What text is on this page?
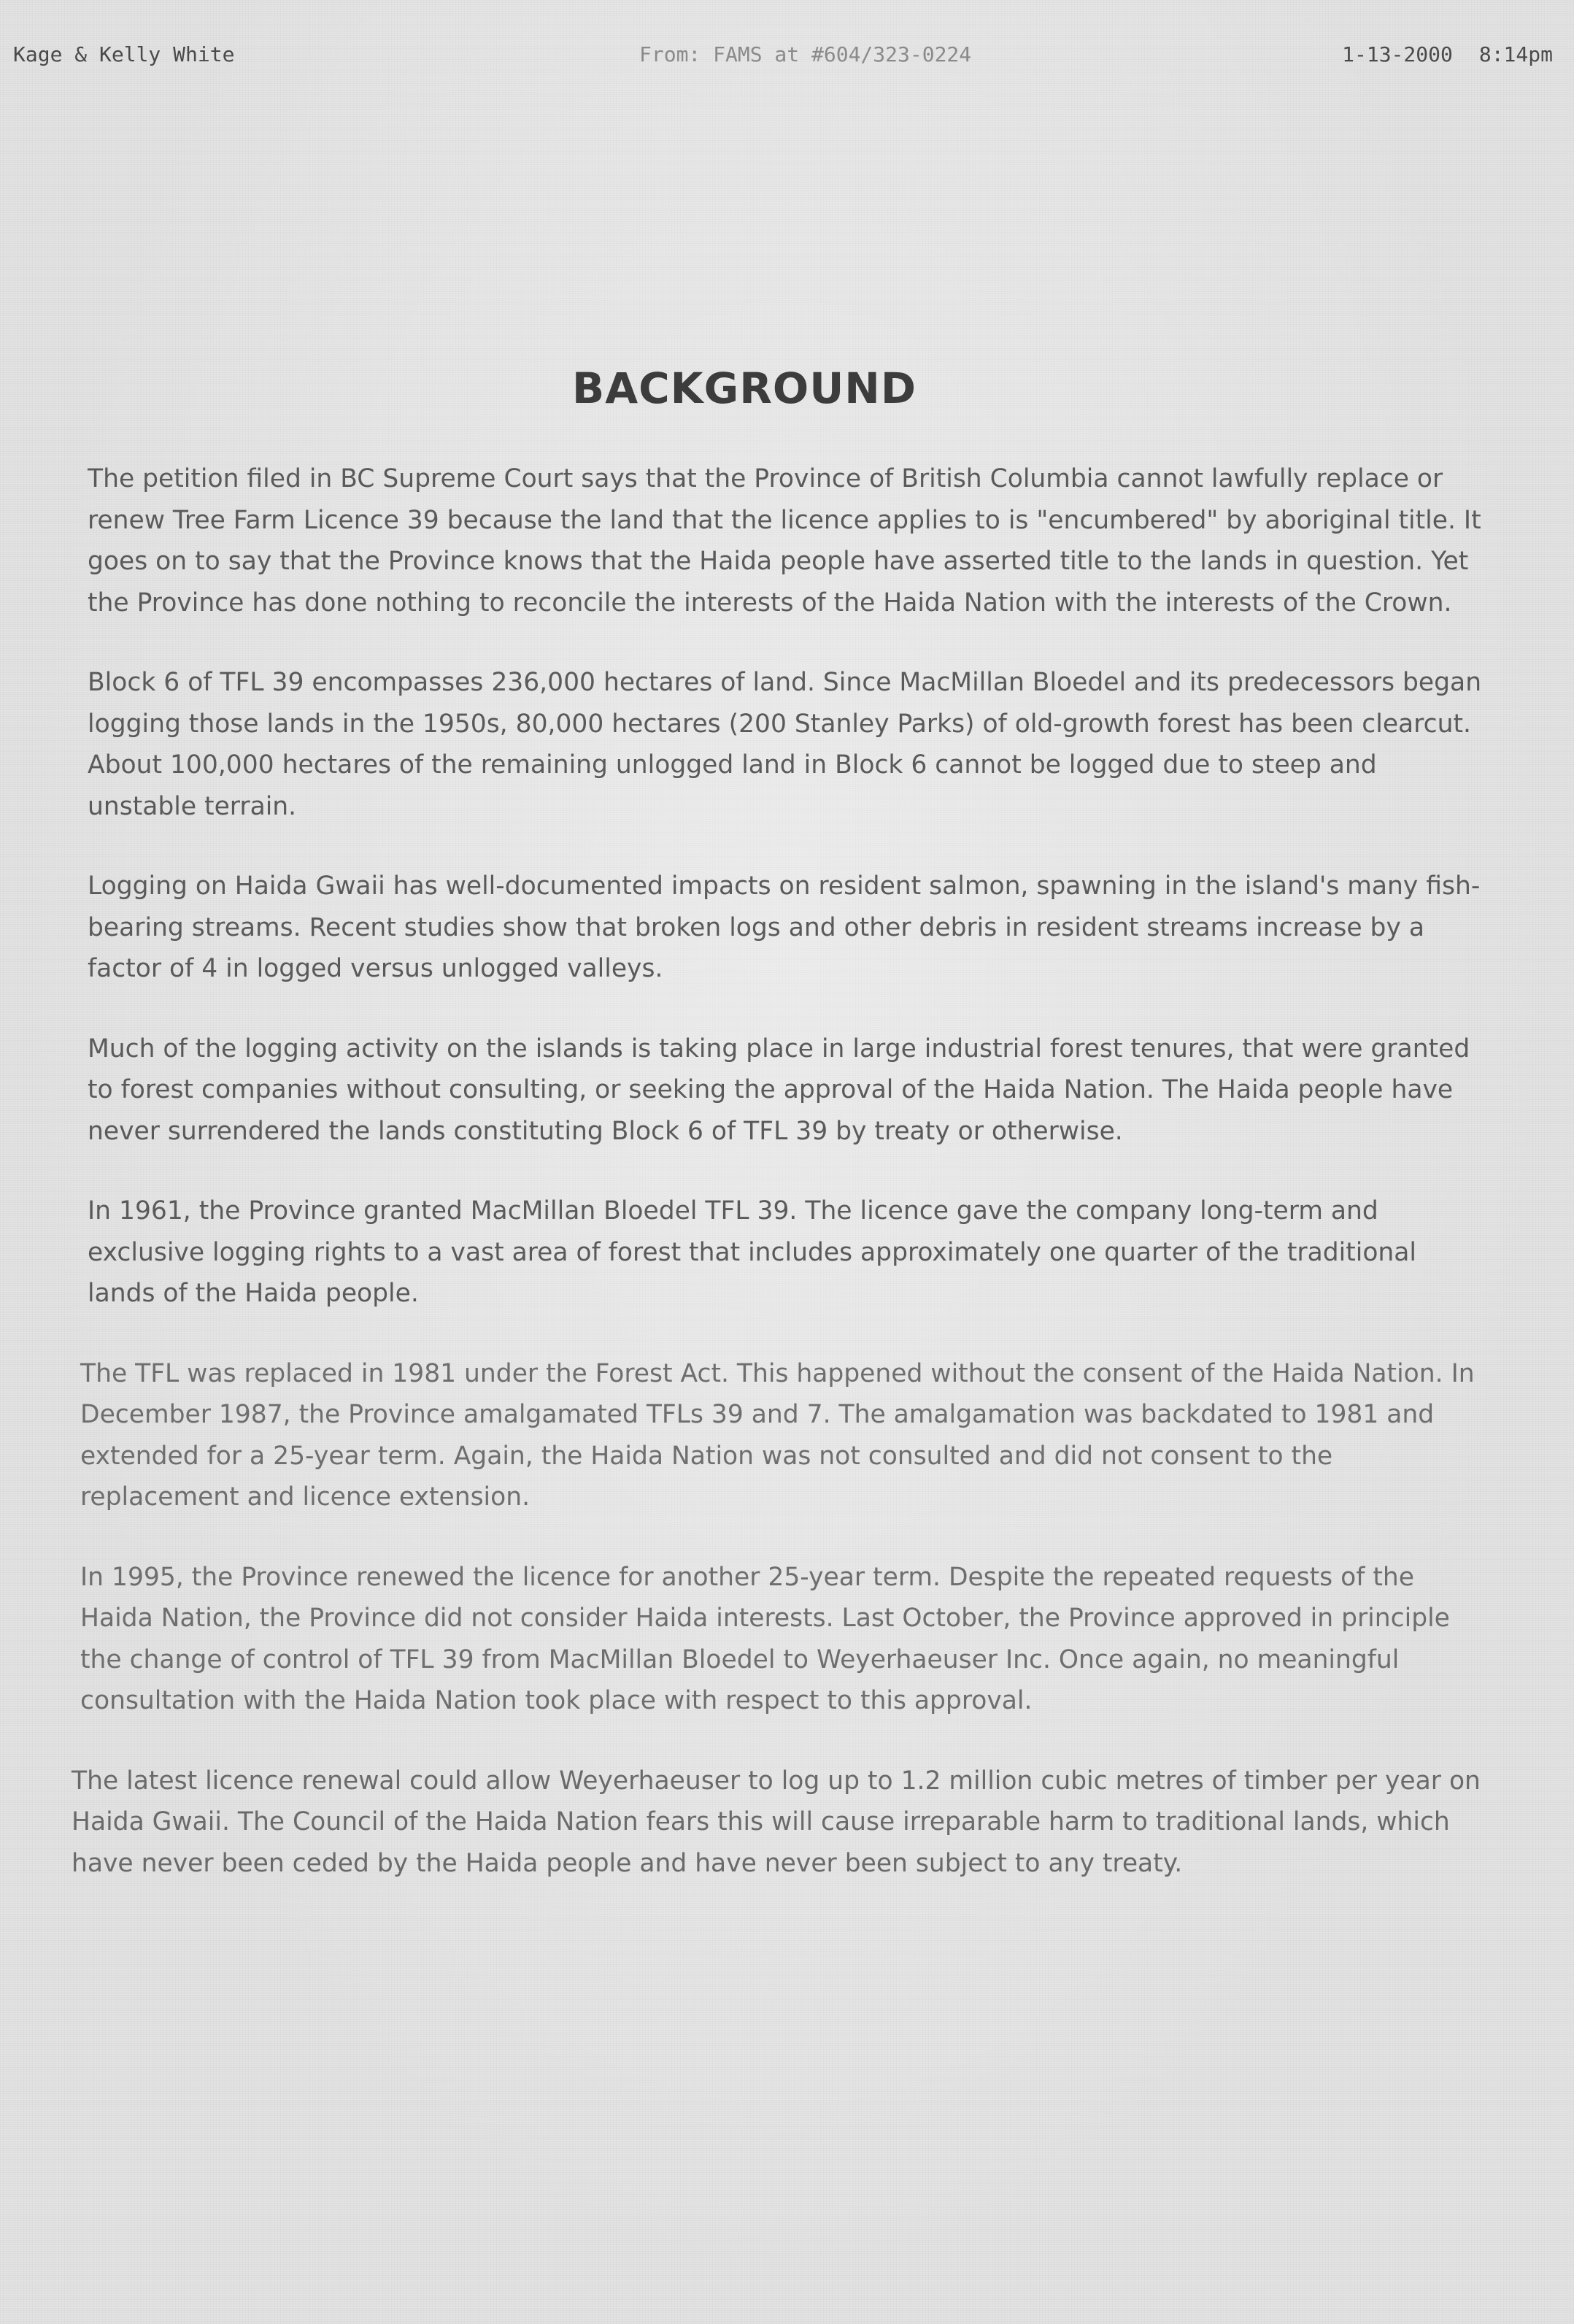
Kage & Kelly White	From: FAMS at #604/323-0224	1-13-2000 8:14pm
BACKGROUND

The petition filed in BC Supreme Court says that the Province of British Columbia cannot lawfully replace or renew Tree Farm Licence 39 because the land that the licence applies to is "encumbered" by aboriginal title. It goes on to say that the Province knows that the Haida people have asserted title to the lands in question. Yet the Province has done nothing to reconcile the interests of the Haida Nation with the interests of the Crown.

Block 6 of TFL 39 encompasses 236,000 hectares of land. Since MacMillan Bloedel and its predecessors began logging those lands in the 1950s, 80,000 hectares (200 Stanley Parks) of old-growth forest has been clearcut. About 100,000 hectares of the remaining unlogged land in Block 6 cannot be logged due to steep and unstable terrain.

Logging on Haida Gwaii has well-documented impacts on resident salmon, spawning in the island's many fish-bearing streams. Recent studies show that broken logs and other debris in resident streams increase by a factor of 4 in logged versus unlogged valleys.

Much of the logging activity on the islands is taking place in large industrial forest tenures, that were granted to forest companies without consulting, or seeking the approval of the Haida Nation. The Haida people have never surrendered the lands constituting Block 6 of TFL 39 by treaty or otherwise.

In 1961, the Province granted MacMillan Bloedel TFL 39. The licence gave the company long-term and exclusive logging rights to a vast area of forest that includes approximately one quarter of the traditional lands of the Haida people.

The TFL was replaced in 1981 under the Forest Act. This happened without the consent of the Haida Nation. In December 1987, the Province amalgamated TFLs 39 and 7. The amalgamation was backdated to 1981 and extended for a 25-year term. Again, the Haida Nation was not consulted and did not consent to the replacement and licence extension.

In 1995, the Province renewed the licence for another 25-year term. Despite the repeated requests of the Haida Nation, the Province did not consider Haida interests. Last October, the Province approved in principle the change of control of TFL 39 from MacMillan Bloedel to Weyerhaeuser Inc. Once again, no meaningful consultation with the Haida Nation took place with respect to this approval.

The latest licence renewal could allow Weyerhaeuser to log up to 1.2 million cubic metres of timber per year on Haida Gwaii. The Council of the Haida Nation fears this will cause irreparable harm to traditional lands, which have never been ceded by the Haida people and have never been subject to any treaty.
